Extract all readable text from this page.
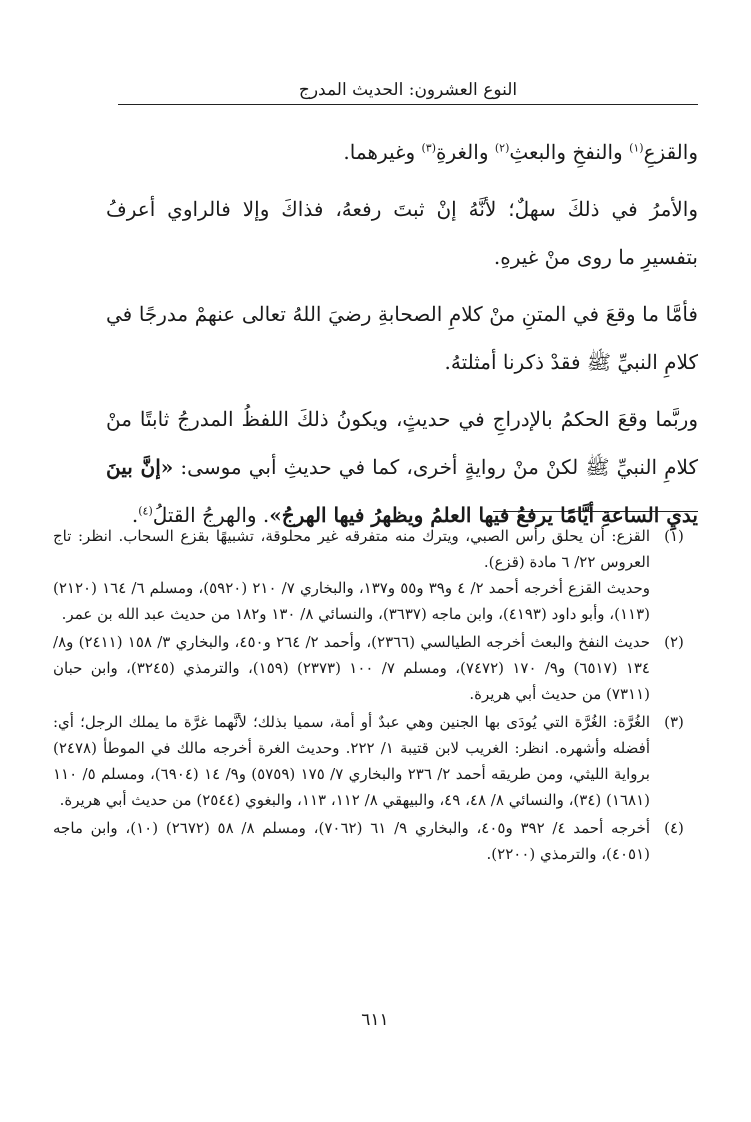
النوع العشرون: الحديث المدرج

والقزعِ$^{(١)}$ والنفخِ والبعثِ$^{(٢)}$ والغرةِ$^{(٣)}$ وغيرهما.

والأمرُ في ذلكَ سهلٌ؛ لأنَّهُ إنْ ثبتَ رفعهُ، فذاكَ وإلا فالراوي أعرفُ بتفسيرِ ما روى منْ غيرهِ.

فأمَّا ما وقعَ في المتنِ منْ كلامِ الصحابةِ رضيَ اللهُ تعالى عنهمْ مدرجًا في كلامِ النبيِّ ﷺ فقدْ ذكرنا أمثلتهُ.

وربَّما وقعَ الحكمُ بالإدراجِ في حديثٍ، ويكونُ ذلكَ اللفظُ المدرجُ ثابتًا منْ كلامِ النبيِّ ﷺ لكنْ منْ روايةٍ أخرى، كما في حديثِ أبي موسى: «إنَّ بينَ يديِ الساعةِ أيَّامًا يرفعُ فيها العلمُ ويظهرُ فيها الهرجُ». والهرجُ القتلُ$^{(٤)}$.

(١)

القزع: أن يحلق رأس الصبي، ويترك منه متفرقه غير محلوقة، تشبيهًا بقزع السحاب. انظر: تاج العروس ٢٢/ ٦ مادة (قزع).

وحديث القزع أخرجه أحمد ٢/ ٤ و٣٩ و٥٥ و١٣٧، والبخاري ٧/ ٢١٠ (٥٩٢٠)، ومسلم ٦/ ١٦٤ (٢١٢٠) (١١٣)، وأبو داود (٤١٩٣)، وابن ماجه (٣٦٣٧)، والنسائي ٨/ ١٣٠ و١٨٢ من حديث عبد الله بن عمر.

(٢)

حديث النفخ والبعث أخرجه الطيالسي (٢٣٦٦)، وأحمد ٢/ ٢٦٤ و٤٥٠، والبخاري ٣/ ١٥٨ (٢٤١١) و٨/ ١٣٤ (٦٥١٧) و٩/ ١٧٠ (٧٤٧٢)، ومسلم ٧/ ١٠٠ (٢٣٧٣) (١٥٩)، والترمذي (٣٢٤٥)، وابن حبان (٧٣١١) من حديث أبي هريرة.

(٣)

الغُرَّة: الغُرَّة التي يُودَى بها الجنين وهي عبدٌ أو أمة، سميا بذلك؛ لأنَّهما غرَّة ما يملك الرجل؛ أي: أفضله وأشهره. انظر: الغريب لابن قتيبة ١/ ٢٢٢. وحديث الغرة أخرجه مالك في الموطأ (٢٤٧٨) برواية الليثي، ومن طريقه أحمد ٢/ ٢٣٦ والبخاري ٧/ ١٧٥ (٥٧٥٩) و٩/ ١٤ (٦٩٠٤)، ومسلم ٥/ ١١٠ (١٦٨١) (٣٤)، والنسائي ٨/ ٤٨، ٤٩، والبيهقي ٨/ ١١٢، ١١٣، والبغوي (٢٥٤٤) من حديث أبي هريرة.

(٤)

أخرجه أحمد ٤/ ٣٩٢ و٤٠٥، والبخاري ٩/ ٦١ (٧٠٦٢)، ومسلم ٨/ ٥٨ (٢٦٧٢) (١٠)، وابن ماجه (٤٠٥١)، والترمذي (٢٢٠٠).

٦١١
